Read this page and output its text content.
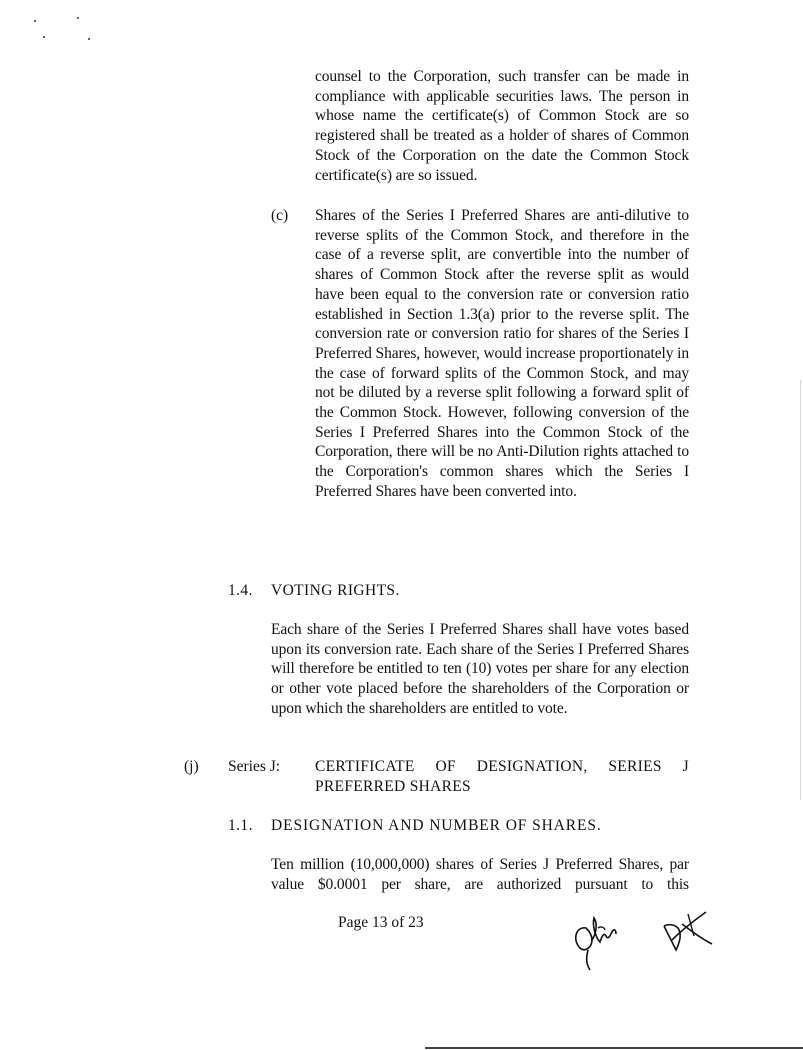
counsel to the Corporation, such transfer can be made in compliance with applicable securities laws. The person in whose name the certificate(s) of Common Stock are so registered shall be treated as a holder of shares of Common Stock of the Corporation on the date the Common Stock certificate(s) are so issued.

(c) Shares of the Series I Preferred Shares are anti-dilutive to reverse splits of the Common Stock, and therefore in the case of a reverse split, are convertible into the number of shares of Common Stock after the reverse split as would have been equal to the conversion rate or conversion ratio established in Section 1.3(a) prior to the reverse split. The conversion rate or conversion ratio for shares of the Series I Preferred Shares, however, would increase proportionately in the case of forward splits of the Common Stock, and may not be diluted by a reverse split following a forward split of the Common Stock. However, following conversion of the Series I Preferred Shares into the Common Stock of the Corporation, there will be no Anti-Dilution rights attached to the Corporation's common shares which the Series I Preferred Shares have been converted into.

1.4. VOTING RIGHTS.

Each share of the Series I Preferred Shares shall have votes based upon its conversion rate. Each share of the Series I Preferred Shares will therefore be entitled to ten (10) votes per share for any election or other vote placed before the shareholders of the Corporation or upon which the shareholders are entitled to vote.

(j) Series J: CERTIFICATE OF DESIGNATION, SERIES J

PREFERRED SHARES

1.1. DESIGNATION AND NUMBER OF SHARES.

Ten million (10,000,000) shares of Series J Preferred Shares, par value $0.0001 per share, are authorized pursuant to this

Page 13 of 23
